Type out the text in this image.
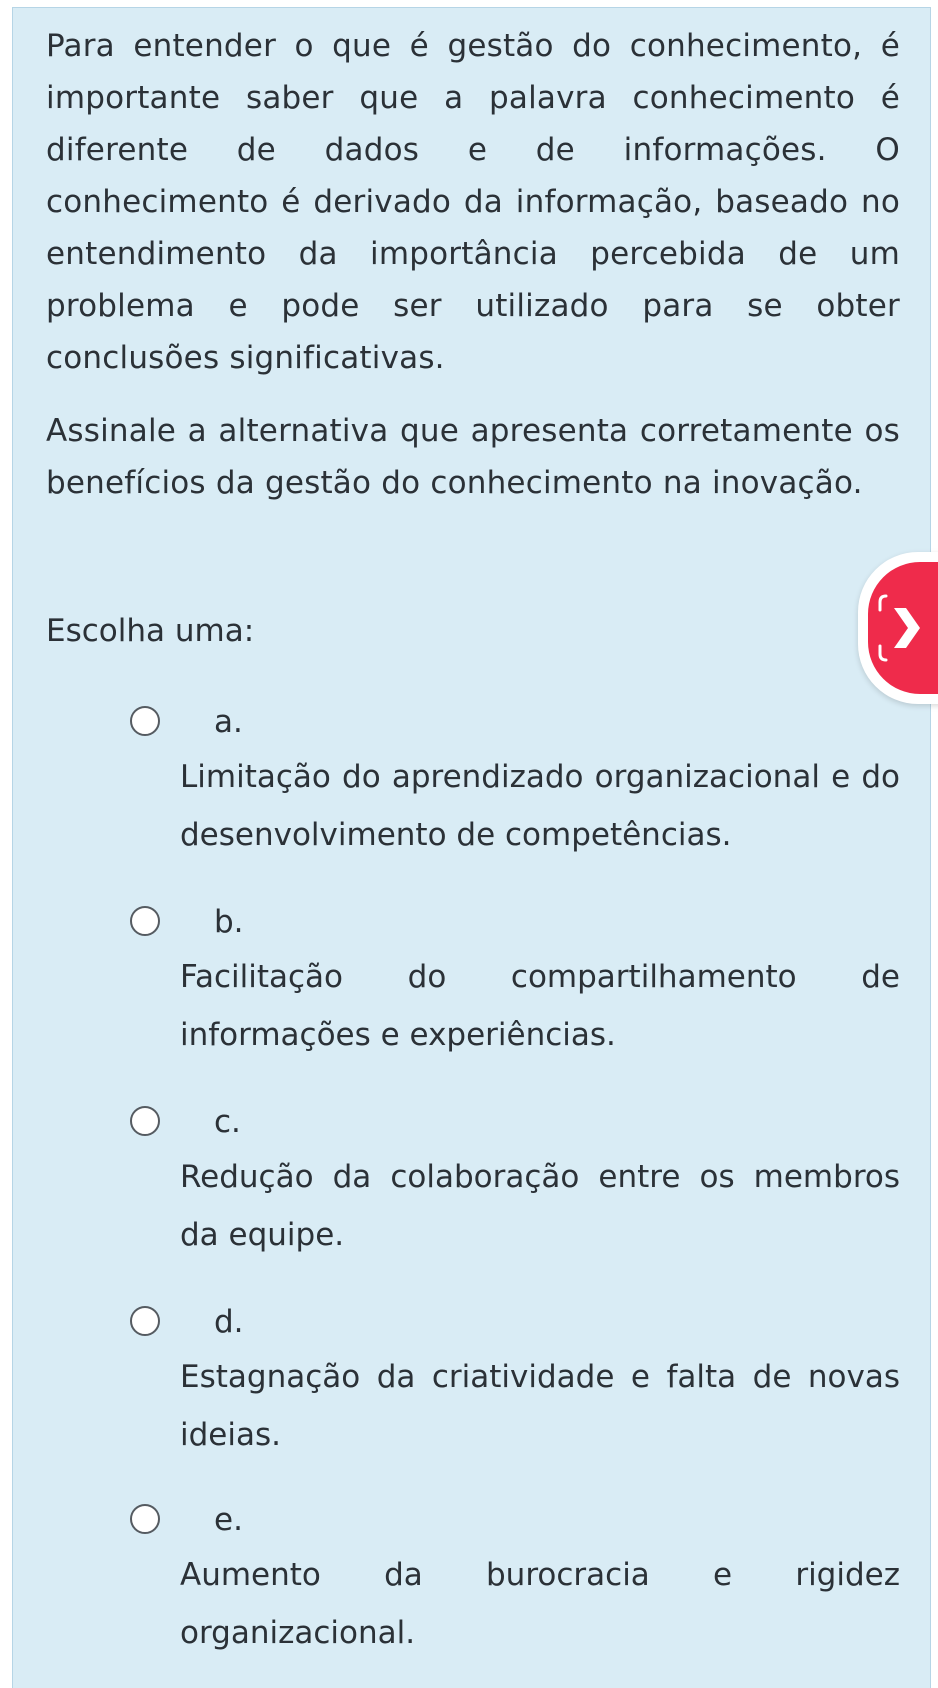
Para entender o que é gestão do conhecimento, é importante saber que a palavra conhecimento é diferente de dados e de informações. O conhecimento é derivado da informação, baseado no entendimento da importância percebida de um problema e pode ser utilizado para se obter conclusões significativas.
Assinale a alternativa que apresenta corretamente os benefícios da gestão do conhecimento na inovação.
Escolha uma:
a.
Limitação do aprendizado organizacional e do desenvolvimento de competências.
b.
Facilitação do compartilhamento de informações e experiências.
c.
Redução da colaboração entre os membros da equipe.
d.
Estagnação da criatividade e falta de novas ideias.
e.
Aumento da burocracia e rigidez organizacional.
